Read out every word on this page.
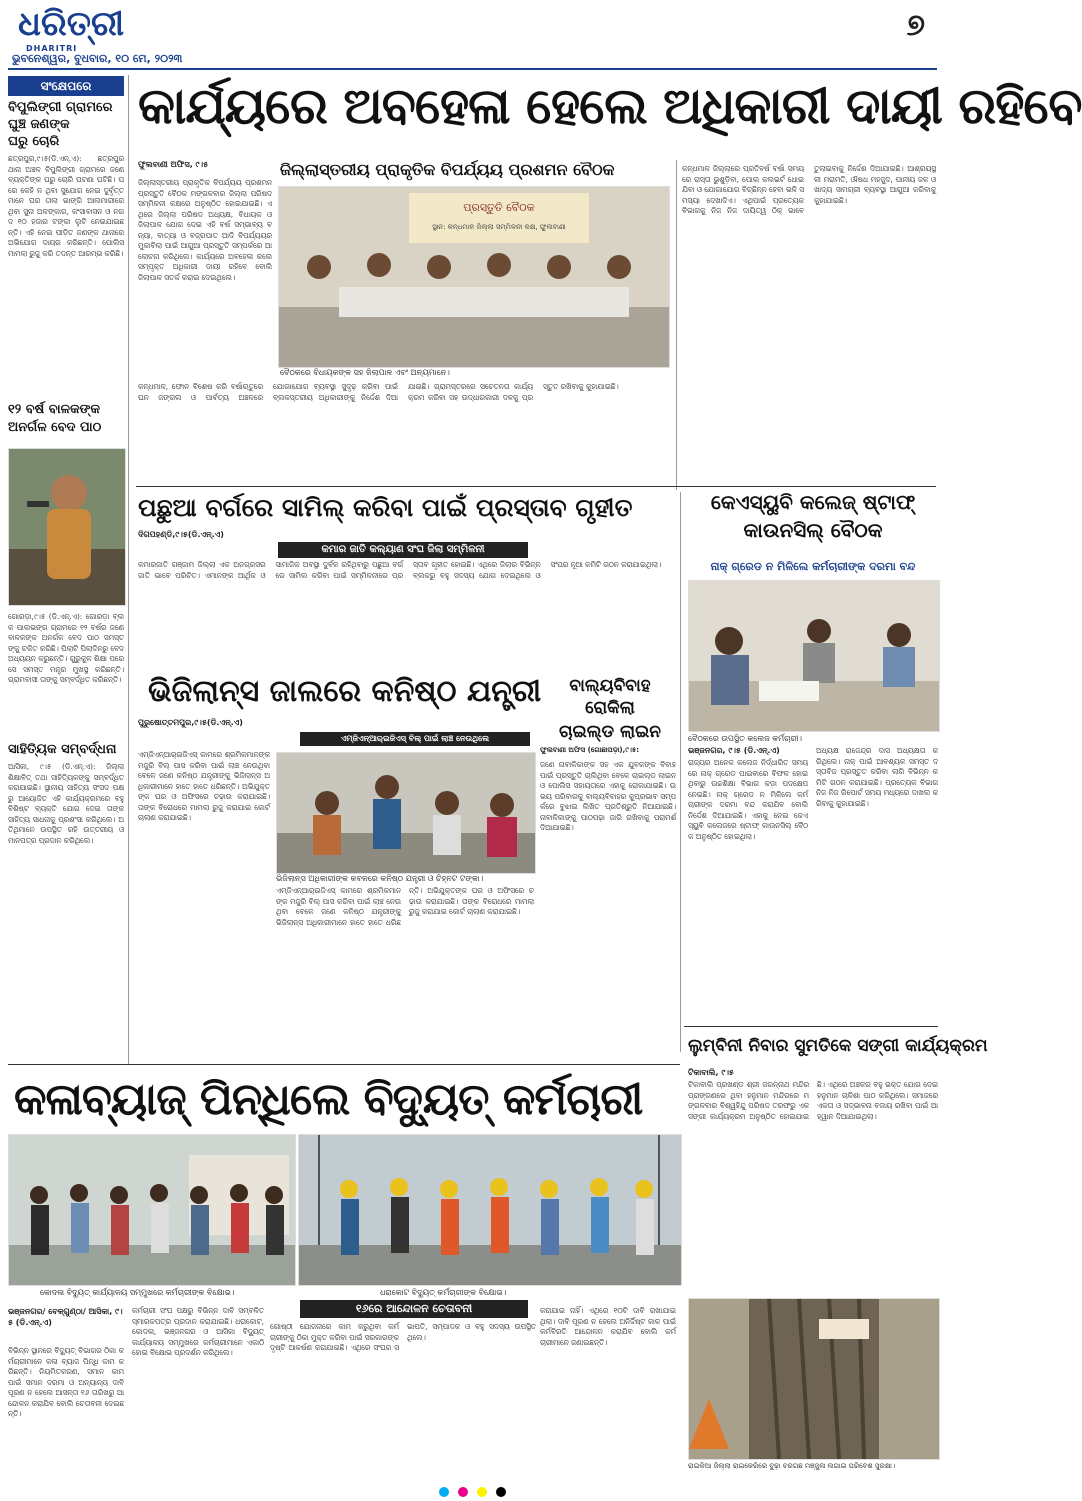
ଧରିତ୍ରୀ
DHARITRI
ଭୁବନେଶ୍ୱର, ବୁଧବାର, ୧୦ ମେ, ୨୦୨୩
୭
ସଂକ୍ଷେପରେ
ବିପୁଲିଙ୍ଗୀ ଗ୍ରାମରେ
ଘୁଞ୍ଚ ଜଣଙ୍କ
ଘରୁ ଚୋରି
ଛତ୍ରପୁର,୯।୫(ଡି.ଏନ୍‌.ଏ): ଛତ୍ରପୁର ଥାନା ଅଞ୍ଚଳ ବିପୁଲିଙ୍ଗୀ ଗ୍ରାମରେ ଜଣେ ବ୍ୟକ୍ତିଙ୍କ ଘରୁ ଚୋରି ଘଟଣା ଘଟିଛି। ଘରେ କେହି ନ ଥିବା ସୁଯୋଗ ନେଇ ଦୁର୍ବୃତ୍ତମାନେ ଘର ତାଲା ଭାଙ୍ଗି ଆଲମାରୀରେ ଥିବା ସୁନା ଅଳଙ୍କାର, କଂସାବାସନ ଓ ନଗଦ ୧୦ ହଜାର ଟଙ୍କା ଲୁଟି ନେଇଯାଇଛନ୍ତି। ଏହି ନେଇ ପୀଡ଼ିତ ଜଣଙ୍କ ଥାନାରେ ଅଭିଯୋଗ ଦାୟର କରିଛନ୍ତି। ପୋଲିସ ମାମଲା ରୁଜୁ କରି ତଦନ୍ତ ଆରମ୍ଭ କରିଛି।
୧୨ ବର୍ଷ ବାଳକଙ୍କ
ଅନର୍ଗଳ ବେଦ ପାଠ
ଗୋରଡ଼ା,୯।୫ (ଡି.ଏନ୍‌.ଏ): ଗୋରଡ଼ା ବ୍ଲକ ପାଲଭଙ୍ଗ ଗ୍ରାମରେ ୧୨ ବର୍ଷର ଜଣେ ବାଳକଙ୍କ ଅନର୍ଗଳ ବେଦ ପାଠ ସମସ୍ତଙ୍କୁ ଚକିତ କରିଛି। ପିଲାଟି ପିଲାଦିନରୁ ବେଦ ଅଧ୍ୟୟନ କରୁଛନ୍ତି। ଗୁରୁକୁଳ ଶିକ୍ଷା ପରେ ସେ ସମସ୍ତ ମନ୍ତ୍ର ମୁଖସ୍ଥ କରିଛନ୍ତି। ଗ୍ରାମବାସୀ ତାଙ୍କୁ ସମ୍ବର୍ଦ୍ଧିତ କରିଛନ୍ତି।
ସାହିତ୍ୟିକ ସମ୍ବର୍ଦ୍ଧନା
ଆସିକା, ୯।୫ (ଡି.ଏନ୍‌.ଏ): ଜିଲ୍ଲା ଶିକ୍ଷାବିତ୍‌ ତଥା ସାହିତ୍ୟିକଙ୍କୁ ସମ୍ବର୍ଦ୍ଧିତ କରାଯାଇଛି। ସ୍ଥାନୀୟ ସାହିତ୍ୟ ସଂସଦ ପକ୍ଷରୁ ଆୟୋଜିତ ଏହି କାର୍ଯ୍ୟକ୍ରମରେ ବହୁ ବିଶିଷ୍ଟ ବ୍ୟକ୍ତି ଯୋଗ ଦେଇ ତାଙ୍କ ସାହିତ୍ୟ ସାଧନାକୁ ପ୍ରଶଂସା କରିଥିଲେ। ଅତିଥିମାନେ ଉପସ୍ଥିତ ରହି ଉତ୍ତରୀୟ ଓ ମାନପତ୍ର ପ୍ରଦାନ କରିଥିଲେ।
କାର୍ଯ୍ୟରେ ଅବହେଳା ହେଲେ ଅଧିକାରୀ ଦାୟୀ ରହିବେ
ଜିଲ୍ଲାସ୍ତରୀୟ ପ୍ରାକୃତିକ ବିପର୍ଯ୍ୟୟ ପ୍ରଶମନ ବୈଠକ
ଫୁଲବାଣୀ ଅଫିସ, ୯।୫
ପ୍ରସ୍ତୁତି ବୈଠକ
ସ୍ଥାନ: କନ୍ଧମାଳ ଜିଲ୍ଲା ସମ୍ମିଳନୀ କକ୍ଷ, ଫୁଲବାଣୀ
ବୈଠକରେ ବିଧାୟକଙ୍କ ସହ ଜିଲାପାଳ ଏବଂ ଅନ୍ୟମାନେ।
ଜିଲ୍ଲାସ୍ତରୀୟ ପ୍ରାକୃତିକ ବିପର୍ଯ୍ୟୟ ପ୍ରଶମନ ପ୍ରସ୍ତୁତି ବୈଠକ ମଙ୍ଗଳବାର ଜିଲ୍ଲା ପରିଷଦ ସମ୍ମିଳନୀ କକ୍ଷରେ ଅନୁଷ୍ଠିତ ହୋଇଯାଇଛି। ଏଥିରେ ଜିଲ୍ଲା ପରିଷଦ ଅଧ୍ୟକ୍ଷ, ବିଧାୟକ ଓ ଜିଲାପାଳ ଯୋଗ ଦେଇ ଏହି ବର୍ଷ ସମ୍ଭାବ୍ୟ ବନ୍ୟା, ବାତ୍ୟା ଓ ବଜ୍ରପାତ ଆଦି ବିପର୍ଯ୍ୟୟର ମୁକାବିଲା ପାଇଁ ଆଗୁଆ ପ୍ରସ୍ତୁତି ସମ୍ପର୍କରେ ଆଲୋଚନା କରିଥିଲେ। କାର୍ଯ୍ୟରେ ଅବହେଳା କଲେ ସମ୍ପୃକ୍ତ ଅଧିକାରୀ ଦାୟୀ ରହିବେ ବୋଲି ଜିଲାପାଳ ସତର୍କ କରାଇ ଦେଇଥିଲେ।
କନ୍ଧମାଳ, ଫୋନ ବିଶେଷ କରି ବର୍ଷାଋତୁରେ ଘନ ଜଙ୍ଗଲ ଓ ପାର୍ବତ୍ୟ ଅଞ୍ଚଳରେ ଯୋଗାଯୋଗ ବ୍ୟବସ୍ଥା ସୁଦୃଢ଼ କରିବା ପାଇଁ ବ୍ଲକସ୍ତରୀୟ ଅଧିକାରୀଙ୍କୁ ନିର୍ଦ୍ଦେଶ ଦିଆଯାଇଛି। ଗ୍ରାମସ୍ତରରେ ସଚେତନତା କାର୍ଯ୍ୟକ୍ରମ କରିବା ସହ ଉଦ୍ଧାରକାରୀ ଦଳକୁ ପ୍ରସ୍ତୁତ ରଖିବାକୁ କୁହାଯାଇଛି।
କନ୍ଧମାଳ ଜିଲ୍ଲାରେ ପ୍ରତିବର୍ଷ ବର୍ଷା ସମୟରେ ରାସ୍ତା ଭୁଶୁଡ଼ିବା, ପୋଲ କଲଭର୍ଟ ଧୋଇଯିବା ଓ ଯୋଗାଯୋଗ ବିଚ୍ଛିନ୍ନ ହେବା ଭଳି ସମସ୍ୟା ଦେଖାଦିଏ। ଏଥିପାଇଁ ପ୍ରତ୍ୟେକ ବିଭାଗକୁ ନିଜ ନିଜ ଦାୟିତ୍ୱ ଠିକ୍‌ ଭାବେ ତୁଲାଇବାକୁ ନିର୍ଦ୍ଦେଶ ଦିଆଯାଇଛି। ଆଶ୍ରୟସ୍ଥଳୀ ମରାମତି, ଔଷଧ ମହଜୁଦ, ପାନୀୟ ଜଳ ଓ ଖାଦ୍ୟ ସାମଗ୍ରୀ ବ୍ୟବସ୍ଥା ଆଗୁଆ କରିବାକୁ କୁହାଯାଇଛି।
ପଛୁଆ ବର୍ଗରେ ସାମିଲ୍‌ କରିବା ପାଇଁ ପ୍ରସ୍ତାବ ଗୃହୀତ
ଦିଗପହଣ୍ଡି,୯।୫(ଡି.ଏନ୍‌.ଏ)
କମାର ଜାତି କଲ୍ୟାଣ ସଂଘ ଜିଲା ସମ୍ମିଳନୀ
କମାରଜାତି ଗଞ୍ଜାମ ଜିଲ୍ଲା ଏକ ଅନଗ୍ରସର ଜାତି ଭାବେ ପରିଚିତ। ଏମାନଙ୍କ ଆର୍ଥିକ ଓ ସାମାଜିକ ଅବସ୍ଥା ଦୁର୍ବଳ ରହିଥିବାରୁ ପଛୁଆ ବର୍ଗରେ ସାମିଲ କରିବା ପାଇଁ ସମ୍ମିଳନୀରେ ପ୍ରସ୍ତାବ ଗୃହୀତ ହୋଇଛି। ଏଥିରେ ଜିଲାର ବିଭିନ୍ନ ବ୍ଲକରୁ ବହୁ ସଦସ୍ୟ ଯୋଗ ଦେଇଥିଲେ ଓ ସଂଘର ନୂଆ କମିଟି ଗଠନ କରାଯାଇଥିଲା।
ଭିଜିଲାନ୍ସ ଜାଲରେ କନିଷ୍ଠ ଯନ୍ତ୍ରୀ
ପୁରୁଷୋତ୍ତମପୁର,୯।୫(ଡି.ଏନ୍‌.ଏ)
ଏମ୍‌ଜିଏନ୍‌ଆର୍‌ଇଜିଏସ୍‌ ବିଲ୍‌ ପାଇଁ ଲାଞ୍ଚ ନେଉଥିଲେ
ଏମ୍‌ଜିଏନ୍‌ଆର୍‌ଇଜିଏସ୍‌ କାମରେ ଶ୍ରମିକମାନଙ୍କ ମଜୁରି ବିଲ୍‌ ପାସ କରିବା ପାଇଁ ଲାଞ୍ଚ ନେଉଥିବା ବେଳେ ଜଣେ କନିଷ୍ଠ ଯନ୍ତ୍ରୀଙ୍କୁ ଭିଜିଲାନ୍ସ ଅଧିକାରୀମାନେ ହାତେ ହାତେ ଧରିଛନ୍ତି। ଅଭିଯୁକ୍ତଙ୍କ ଘର ଓ ଅଫିସରେ ଚଢ଼ାଉ କରାଯାଇଛି। ତାଙ୍କ ବିରୋଧରେ ମାମଲା ରୁଜୁ କରାଯାଇ କୋର୍ଟ ଚାଲାଣ କରାଯାଇଛି।
ଭିଜିଲାନ୍ସ ଅଧିକାରୀଙ୍କ କବଳରେ କନିଷ୍ଠ ଯନ୍ତ୍ରୀ ଓ ଚିହ୍ନଟ ଟଙ୍କା।
ଏମ୍‌ଜିଏନ୍‌ଆର୍‌ଇଜିଏସ୍‌ କାମରେ ଶ୍ରମିକମାନଙ୍କ ମଜୁରି ବିଲ୍‌ ପାସ କରିବା ପାଇଁ ଲାଞ୍ଚ ନେଉଥିବା ବେଳେ ଜଣେ କନିଷ୍ଠ ଯନ୍ତ୍ରୀଙ୍କୁ ଭିଜିଲାନ୍ସ ଅଧିକାରୀମାନେ ହାତେ ହାତେ ଧରିଛନ୍ତି। ଅଭିଯୁକ୍ତଙ୍କ ଘର ଓ ଅଫିସରେ ଚଢ଼ାଉ କରାଯାଇଛି। ତାଙ୍କ ବିରୋଧରେ ମାମଲା ରୁଜୁ କରାଯାଇ କୋର୍ଟ ଚାଲାଣ କରାଯାଇଛି।
ବାଲ୍ୟବିବାହ
ରୋକିଲା
ଚାଇଲ୍ଡ ଲାଇନ
ଫୁଲବାଣୀ ଅଫିସ (ଗୋଛାପଡ଼ା),୯।୫:
ଜଣେ ନାବାଳିକାଙ୍କ ସହ ଏକ ଯୁବକଙ୍କ ବିବାହ ପାଇଁ ପ୍ରସ୍ତୁତି ଚାଲିଥିବା ବେଳେ ଚାଇଲ୍ଡ ଲାଇନ ଓ ପୋଲିସ ସହାୟତାରେ ଏହାକୁ ରୋକାଯାଇଛି। ଉଭୟ ପରିବାରକୁ ବାଲ୍ୟବିବାହର କୁପ୍ରଭାବ ସମ୍ପର୍କରେ ବୁଝାଇ ଲିଖିତ ପ୍ରତିଶ୍ରୁତି ନିଆଯାଇଛି। ନାବାଳିକାଙ୍କୁ ପାଠପଢ଼ା ଜାରି ରଖିବାକୁ ପରାମର୍ଶ ଦିଆଯାଇଛି।
କେଏସ୍‌ୟୁବି କଲେଜ୍‌ ଷ୍ଟାଫ୍‌
କାଉନସିଲ୍‌ ବୈଠକ
ନାକ୍‌ ଗ୍ରେଡ ନ ମିଳିଲେ କର୍ମଚାରୀଙ୍କ ଦରମା ବନ୍ଦ
ବୈଠକରେ ଉପସ୍ଥିତ କଲେଜ କର୍ମଚାରୀ।
ଭଞ୍ଜନଗର, ୯।୫ (ଡି.ଏନ୍‌.ଏ)
ରାଜ୍ୟର ଅନେକ କଲେଜ ନିର୍ଦ୍ଧାରିତ ସମୟରେ ନାକ୍‌ ଗ୍ରେଡ ପାଇବାରେ ବିଫଳ ହୋଇଥିବାରୁ ଉଚ୍ଚଶିକ୍ଷା ବିଭାଗ କଡ଼ା ପଦକ୍ଷେପ ନେଇଛି। ନାକ୍‌ ଗ୍ରେଡ ନ ମିଳିଲେ କର୍ମଚାରୀଙ୍କ ଦରମା ବନ୍ଦ କରାଯିବ ବୋଲି ନିର୍ଦ୍ଦେଶ ଦିଆଯାଇଛି। ଏହାକୁ ନେଇ କେଏସ୍‌ୟୁବି କଲେଜରେ ଷ୍ଟାଫ୍‌ କାଉନସିଲ୍‌ ବୈଠକ ଅନୁଷ୍ଠିତ ହୋଇଥିଲା।
ଅଧ୍ୟକ୍ଷ ରାଜେନ୍ଦ୍ର ଦାସ ଅଧ୍ୟକ୍ଷତା କରିଥିଲେ। ନାକ୍‌ ପାଇଁ ଆବଶ୍ୟକ ସମସ୍ତ ଦସ୍ତାବିଜ ପ୍ରସ୍ତୁତ କରିବା ଲାଗି ବିଭିନ୍ନ କମିଟି ଗଠନ କରାଯାଇଛି। ପ୍ରତ୍ୟେକ ବିଭାଗ ନିଜ ନିଜ ରିପୋର୍ଟ ସମୟ ମଧ୍ୟରେ ଦାଖଲ କରିବାକୁ କୁହାଯାଇଛି।
ଲୁମ୍ବିନୀ ନିବାର ସୁମତିକେ ସଙ୍ଗୀ କାର୍ଯ୍ୟକ୍ରମ
ଟିକାବାଲି, ୯।୫
ଟିକାବାଲି ପ୍ରଖଣ୍ଡ ଶ୍ରୀ ଜଗନ୍ନାଥ ମନ୍ଦିର ପ୍ରାଙ୍ଗଣରେ ଥିବା ହନୁମାନ ମନ୍ଦିରରେ ମଙ୍ଗଳବାର ବିଶ୍ୱହିନ୍ଦୁ ପରିଷଦ ତରଫରୁ ଏକ ସଙ୍ଗୀ କାର୍ଯ୍ୟକ୍ରମ ଅନୁଷ୍ଠିତ ହୋଇଯାଇଛି। ଏଥିରେ ଅଞ୍ଚଳର ବହୁ ଭକ୍ତ ଯୋଗ ଦେଇ ହନୁମାନ ଚାଳିଶା ପାଠ କରିଥିଲେ। ସମାଜରେ ଏକତା ଓ ସଦ୍‌ଭାବନା ବଜାୟ ରଖିବା ପାଇଁ ଆହ୍ୱାନ ଦିଆଯାଇଥିଲା।
ରାଇକିଆ ଜିଲ୍ଲା ରାଇକେରିରେ ବୁଢ଼ା ବରଗଛ ମଞ୍ଜୁଳା ଲଗାଇ ପରିବେଶ ସୁରକ୍ଷା।
କଳାବ୍ୟାଜ୍‌ ପିନ୍ଧିଲେ ବିଦ୍ୟୁତ୍‌ କର୍ମଚାରୀ
କୋଦଳା ବିଦ୍ୟୁତ୍‌ କାର୍ଯ୍ୟାଳୟ ସମ୍ମୁଖରେ କର୍ମଚାରୀଙ୍କ ବିକ୍ଷୋଭ।	ଧରାକୋଟ ବିଦ୍ୟୁତ୍‌ କର୍ମଚାରୀଙ୍କ ବିକ୍ଷୋଭ।
ଭଞ୍ଜନଗର/ ବେଳ୍‌ଗୁଣ୍ଠା/ ଆସିକା, ୯।୫ (ଡି.ଏନ୍‌.ଏ)
ବିଭିନ୍ନ ସ୍ଥାନରେ ବିଦ୍ୟୁତ୍‌ ବିଭାଗର ଠିକା କର୍ମଚାରୀମାନେ କଳା ବ୍ୟାଜ ପିନ୍ଧି କାମ କରିଛନ୍ତି। ନିୟମିତକରଣ, ସମାନ କାମ ପାଇଁ ସମାନ ଦରମା ଓ ଅନ୍ୟାନ୍ୟ ଦାବି ପୂରଣ ନ ହେଲେ ଆସନ୍ତା ୧୬ ତାରିଖରୁ ଆନ୍ଦୋଳନ କରାଯିବ ବୋଲି ଚେତାବନୀ ଦେଇଛନ୍ତି।
କର୍ମଚାରୀ ସଂଘ ପକ୍ଷରୁ ବିଭିନ୍ନ ଦାବି ସମ୍ବଳିତ ସ୍ମାରକପତ୍ର ପ୍ରଦାନ କରାଯାଇଛି। ଧରାକୋଟ, କୋଦଳା, ଭଞ୍ଜନଗର ଓ ଆସିକା ବିଦ୍ୟୁତ୍‌ କାର୍ଯ୍ୟାଳୟ ସମ୍ମୁଖରେ କର୍ମଚାରୀମାନେ ଏକାଠି ହୋଇ ବିକ୍ଷୋଭ ପ୍ରଦର୍ଶନ କରିଥିଲେ।
୧୬ରେ ଆନ୍ଦୋଳନ ଚେତାବନୀ
ଗୋଷ୍ଠୀ ଯୋଜନାରେ କାମ କରୁଥିବା କର୍ମଚାରୀଙ୍କୁ ଠିକା ମୁକ୍ତ କରିବା ପାଇଁ ସରକାରଙ୍କ ଦୃଷ୍ଟି ଆକର୍ଷଣ କରାଯାଇଛି। ଏଥିରେ ସଂଘର ସଭାପତି, ସମ୍ପାଦକ ଓ ବହୁ ସଦସ୍ୟ ଉପସ୍ଥିତ ଥିଲେ।
କରାଯାଇ ନାହିଁ। ଏଥିରେ ୧୦ଟି ଦାବି ରଖାଯାଇଥିଲା। ଦାବି ପୂରଣ ନ ହେଲେ ଅନିର୍ଦ୍ଦିଷ୍ଟ କାଳ ପାଇଁ କର୍ମବିରତି ଆନ୍ଦୋଳନ କରାଯିବ ବୋଲି କର୍ମଚାରୀମାନେ ଜଣାଇଛନ୍ତି।
